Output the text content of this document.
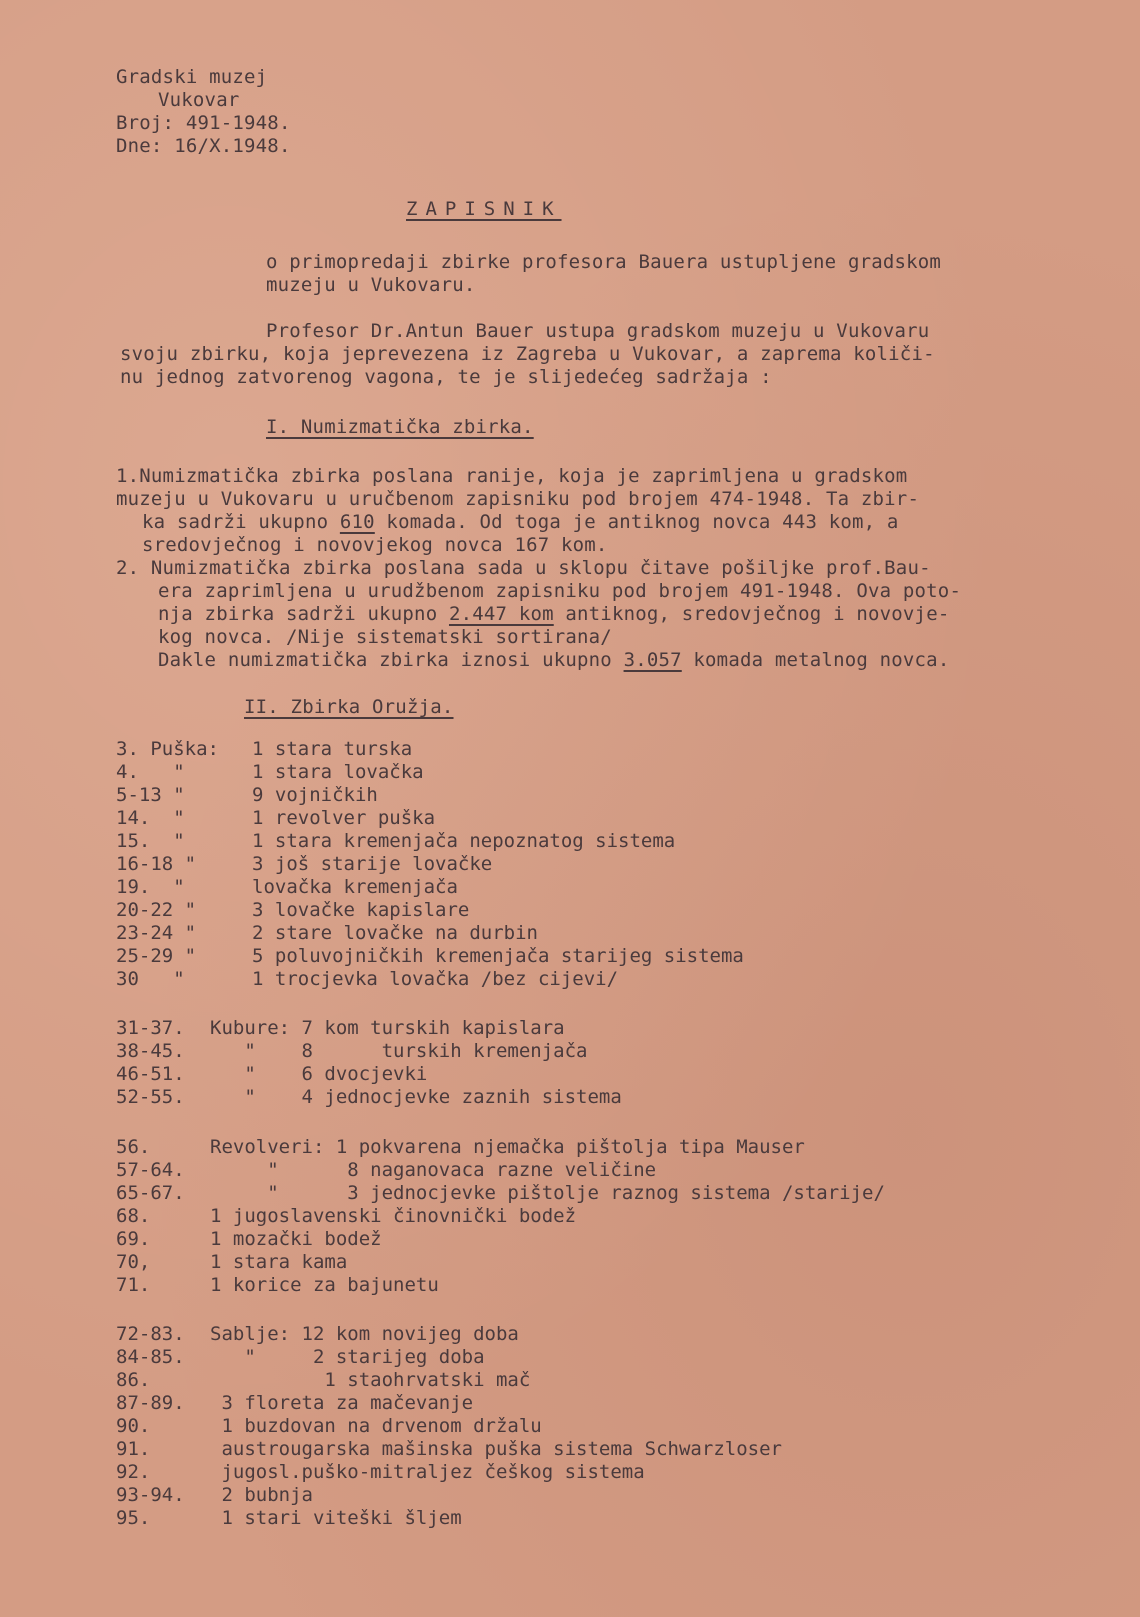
Gradski muzej
Vukovar
Broj: 491-1948.
Dne: 16/X.1948.
ZAPISNIK
o primopredaji zbirke profesora Bauera ustupljene gradskom
muzeju u Vukovaru.
Profesor Dr.Antun Bauer ustupa gradskom muzeju u Vukovaru
svoju zbirku, koja jeprevezena iz Zagreba u Vukovar, a zaprema količi-
nu jednog zatvorenog vagona, te je slijedećeg sadržaja :
I. Numizmatička zbirka.
1.Numizmatička zbirka poslana ranije, koja je zaprimljena u gradskom
muzeju u Vukovaru u uručbenom zapisniku pod brojem 474-1948. Ta zbir-
ka sadrži ukupno 610 komada. Od toga je antiknog novca 443 kom, a
sredovječnog i novovjekog novca 167 kom.
2. Numizmatička zbirka poslana sada u sklopu čitave pošiljke prof.Bau-
era zaprimljena u urudžbenom zapisniku pod brojem 491-1948. Ova poto-
nja zbirka sadrži ukupno 2.447 kom antiknog, sredovječnog i novovje-
kog novca. /Nije sistematski sortirana/
Dakle numizmatička zbirka iznosi ukupno 3.057 komada metalnog novca.
II. Zbirka Oružja.
3. Puška: 1 stara turska
4.   "	1 stara lovačka
5-13 "	9 vojničkih
14.  "	1 revolver puška
15.  "	1 stara kremenjača nepoznatog sistema
16-18 "	3 još starije lovačke
19.  "	lovačka kremenjača
20-22 "	3 lovačke kapislare
23-24 "	2 stare lovačke na durbin
25-29 "	5 poluvojničkih kremenjača starijeg sistema
30   "	1 trocjevka lovačka /bez cijevi/
31-37. Kubure: 7 kom turskih kapislara
38-45. "    8      turskih kremenjača
46-51. "    6 dvocjevki
52-55. "    4 jednocjevke zaznih sistema
56.	Revolveri: 1 pokvarena njemačka pištolja tipa Mauser
57-64. "      8 naganovaca razne veličine
65-67. "      3 jednocjevke pištolje raznog sistema /starije/
68.	1 jugoslavenski činovnički bodež
69.	1 mozački bodež
70,	1 stara kama
71.	1 korice za bajunetu
72-83. Sablje: 12 kom novijeg doba
84-85. "     2 starijeg doba
86.	1 staohrvatski mač
87-89. 3 floreta za mačevanje
90.	1 buzdovan na drvenom držalu
91.	austrougarska mašinska puška sistema Schwarzloser
92.	jugosl.puško-mitraljez češkog sistema
93-94. 2 bubnja
95.	1 stari viteški šljem
